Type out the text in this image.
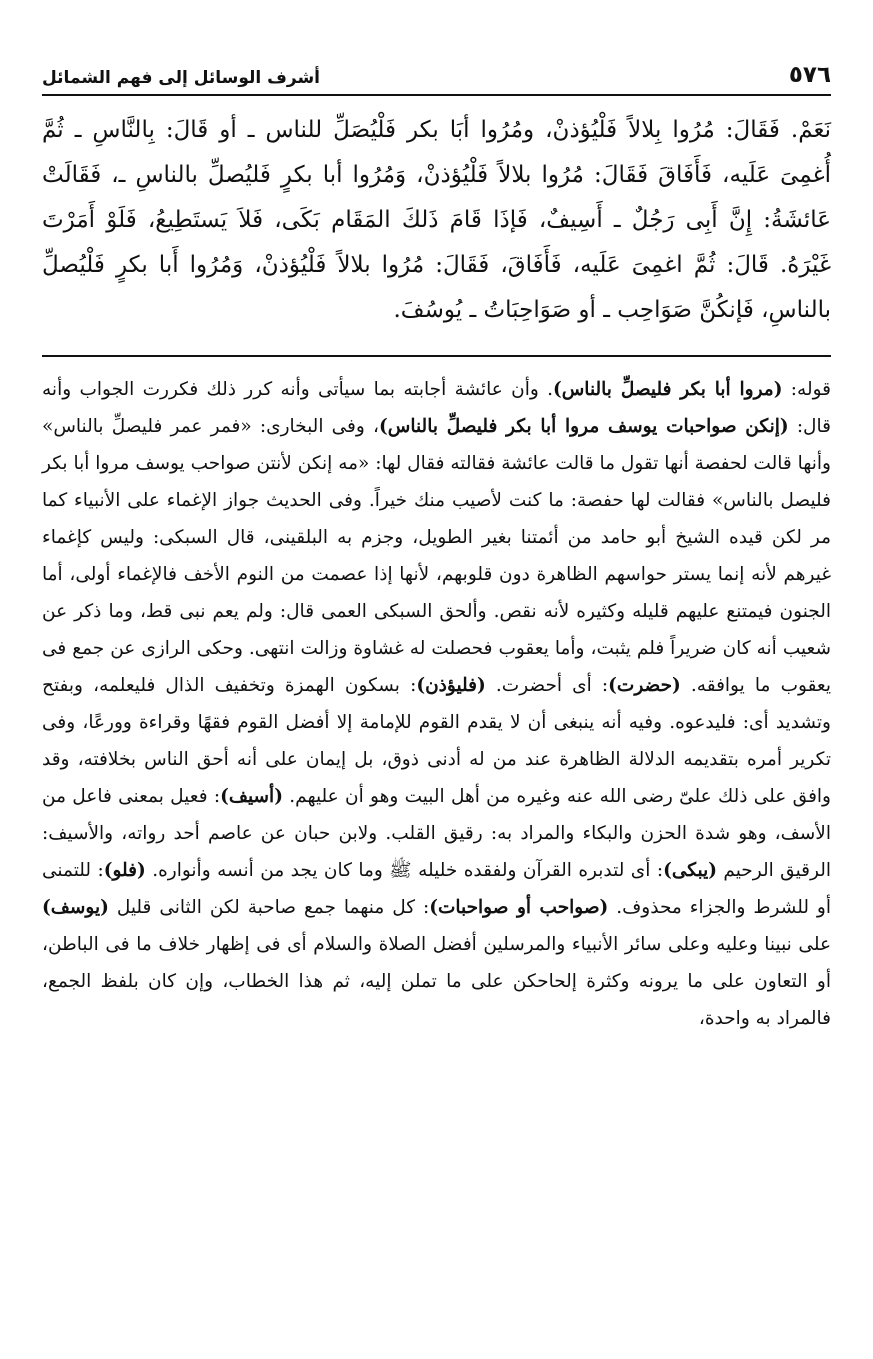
٥٧٦
أشرف الوسائل إلى فهم الشمائل

نَعَمْ. فَقَالَ: مُرُوا بِلالاً فَلْيُؤذنْ، ومُرُوا أبَا بكر فَلْيُصَلِّ للناس ـ أو قَالَ: بِالنَّاسِ ـ ثُمَّ أُغمِىَ عَلَيه، فَأَفَاقَ فَقَالَ: مُرُوا بلالاً فَلْيُؤذنْ، وَمُرُوا أبا بكرٍ فَليُصلِّ بالناسِ ـ، فَقَالَتْ عَائشَةُ: إِنَّ أَبِى رَجُلٌ ـ أَسِيفٌ، فَإذَا قَامَ ذَلكَ المَقَام بَكَى، فَلاَ يَستَطِيعُ، فَلَوْ أَمَرْتَ غَيْرَهُ. قَالَ: ثُمَّ اغمِىَ عَلَيه، فَأَفَاقَ، فَقَالَ: مُرُوا بلالاً فَلْيُؤذنْ، وَمُرُوا أَبا بكرٍ فَلْيُصلِّ بالناسِ، فَإنكُنَّ صَوَاحِب ـ أو صَوَاحِبَاتُ ـ يُوسُفَ.

قوله: (مروا أبا بكر فليصلِّ بالناس). وأن عائشة أجابته بما سيأتى وأنه كرر ذلك فكررت الجواب وأنه قال: (إنكن صواحبات يوسف مروا أبا بكر فليصلِّ بالناس)، وفى البخارى: «فمر عمر فليصلِّ بالناس» وأنها قالت لحفصة أنها تقول ما قالت عائشة فقالته فقال لها: «مه إنكن لأنتن صواحب يوسف مروا أبا بكر فليصل بالناس» فقالت لها حفصة: ما كنت لأصيب منك خيراً. وفى الحديث جواز الإغماء على الأنبياء كما مر لكن قيده الشيخ أبو حامد من أئمتنا بغير الطويل، وجزم به البلقينى، قال السبكى: وليس كإغماء غيرهم لأنه إنما يستر حواسهم الظاهرة دون قلوبهم، لأنها إذا عصمت من النوم الأخف فالإغماء أولى، أما الجنون فيمتنع عليهم قليله وكثيره لأنه نقص. وألحق السبكى العمى قال: ولم يعم نبى قط، وما ذكر عن شعيب أنه كان ضريراً فلم يثبت، وأما يعقوب فحصلت له غشاوة وزالت انتهى. وحكى الرازى عن جمع فى يعقوب ما يوافقه. (حضرت): أى أحضرت. (فليؤذن): بسكون الهمزة وتخفيف الذال فليعلمه، وبفتح وتشديد أى: فليدعوه. وفيه أنه ينبغى أن لا يقدم القوم للإمامة إلا أفضل القوم فقهًا وقراءة وورعًا، وفى تكرير أمره بتقديمه الدلالة الظاهرة عند من له أدنى ذوق، بل إيمان على أنه أحق الناس بخلافته، وقد وافق على ذلك علىّ رضى الله عنه وغيره من أهل البيت وهو أن عليهم. (أسيف): فعيل بمعنى فاعل من الأسف، وهو شدة الحزن والبكاء والمراد به: رقيق القلب. ولابن حبان عن عاصم أحد رواته، والأسيف: الرقيق الرحيم (يبكى): أى لتدبره القرآن ولفقده خليله ﷺ وما كان يجد من أنسه وأنواره. (فلو): للتمنى أو للشرط والجزاء محذوف. (صواحب أو صواحبات): كل منهما جمع صاحبة لكن الثانى قليل (يوسف) على نبينا وعليه وعلى سائر الأنبياء والمرسلين أفضل الصلاة والسلام أى فى إظهار خلاف ما فى الباطن، أو التعاون على ما يرونه وكثرة إلحاحكن على ما تملن إليه، ثم هذا الخطاب، وإن كان بلفظ الجمع، فالمراد به واحدة،
